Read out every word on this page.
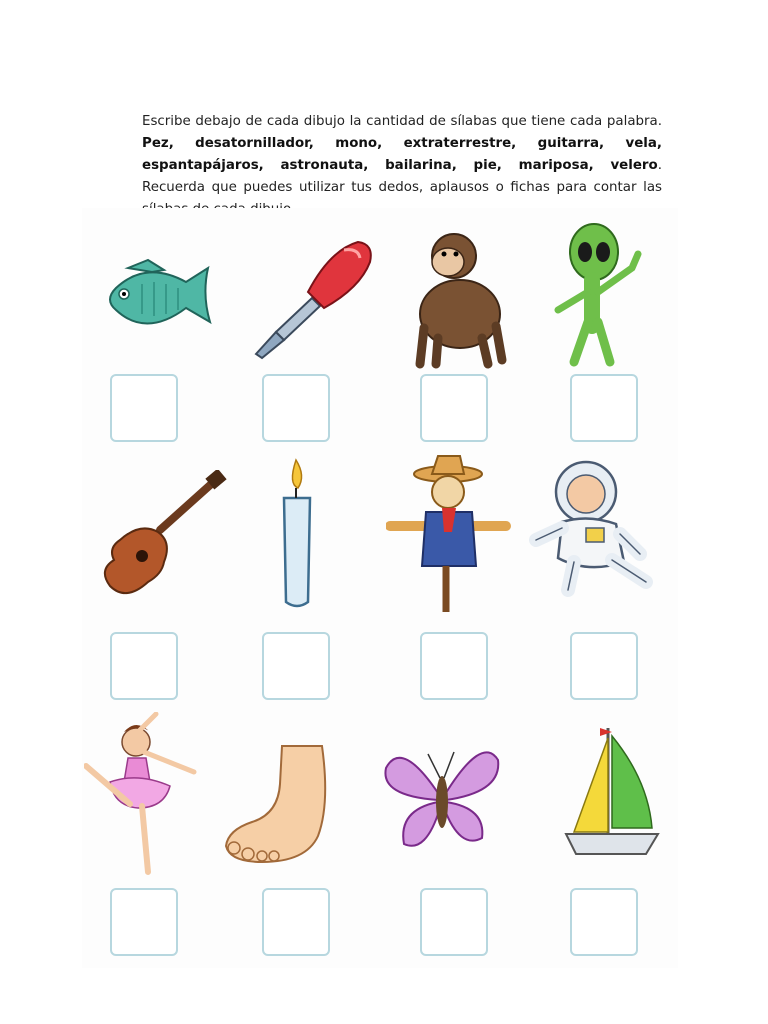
Escribe debajo de cada dibujo la cantidad de sílabas que tiene cada palabra. Pez, desatornillador, mono, extraterrestre, guitarra, vela, espantapájaros, astronauta, bailarina, pie, mariposa, velero. Recuerda que puedes utilizar tus dedos, aplausos o fichas para contar las
